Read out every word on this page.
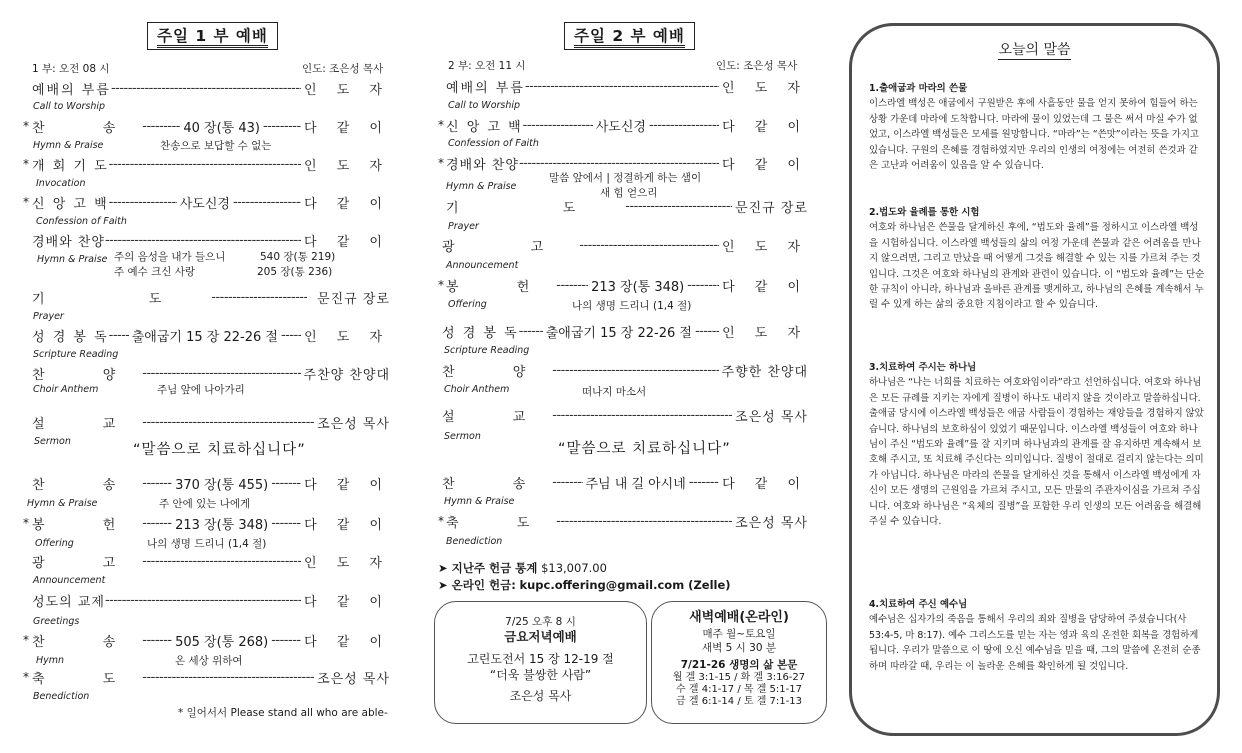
주일 1 부 예배
1 부: 오전 08 시	인도: 조은성 목사
예배의 부름 -----	인 도 자
Call to Worship
* 찬 송 -----	40 장(통 43) -----	다 같 이
Hymn & Praise	찬송으로 보답할 수 없는
* 개 회 기 도 -----	인 도 자
Invocation
* 신 앙 고 백 -----	사도신경 -----	다 같 이
Confession of Faith
경배와 찬양 -----	다 같 이
Hymn & Praise 주의 음성을 내가 들으니	540 장(통 219)
주 예수 크신 사랑	205 장(통 236)
기 도 -----	문진규 장로
Prayer
성 경 봉 독 ----- 출애굽기 15 장 22-26 절 ----- 인 도 자
Scripture Reading
찬 양 -----	주찬양 찬양대
Choir Anthem	주님 앞에 나아가리
설 교 -----	조은성 목사
Sermon
“말씀으로 치료하십니다”
찬 송 -----	370 장(통 455) -----	다 같 이
Hymn & Praise	주 안에 있는 나에게
* 봉 헌 -----	213 장(통 348) -----	다 같 이
Offering	나의 생명 드리니 (1,4 절)
광 고 -----	인 도 자
Announcement
성도의 교제 -----	다 같 이
Greetings
* 찬 송 -----	505 장(통 268) -----	다 같 이
Hymn	온 세상 위하여
* 축 도 -----	조은성 목사
Benediction
* 일어서서 Please stand all who are able-
주일 2 부 예배
2 부: 오전 11 시	인도: 조은성 목사
예배의 부름 -----	인 도 자
Call to Worship
* 신 앙 고 백 -----	사도신경 -----	다 같 이
Confession of Faith
* 경배와 찬양 -----	다 같 이
Hymn & Praise
말씀 앞에서 | 정결하게 하는 샘이
새 힘 얻으리
기 도 -----	문진규 장로
Prayer
광 고 -----	인 도 자
Announcement
* 봉 헌 -----	213 장(통 348) -----	다 같 이
Offering	나의 생명 드리니 (1,4 절)
성 경 봉 독 ----- 출애굽기 15 장 22-26 절 ----- 인 도 자
Scripture Reading
찬 양 -----	주향한 찬양대
Choir Anthem	떠나지 마소서
설 교 -----	조은성 목사
Sermon
“말씀으로 치료하십니다”
찬 송 -----	주님 내 길 아시네 -----	다 같 이
Hymn & Praise
* 축 도 -----	조은성 목사
Benediction
➤ 지난주 헌금 통계 $13,007.00
➤ 온라인 헌금: kupc.offering@gmail.com (Zelle)
7/25 오후 8 시
금요저녁예배
고린도전서 15 장 12-19 절
“더욱 불쌍한 사람”
조은성 목사
새벽예배(온라인)
매주 월~토요일
새벽 5 시 30 분
7/21-26 생명의 삶 본문
월 겔 3:1-15 / 화 겔 3:16-27
수 겔 4:1-17 / 목 겔 5:1-17
금 겔 6:1-14 / 토 겔 7:1-13
오늘의 말씀
1.출애굽과 마라의 쓴물
이스라엘 백성은 애굽에서 구원받은 후에 사흘동안 물을 얻지 못하여 힘들어 하는 상황 가운데 마라에 도착합니다. 마라에 물이 있었는데 그 물은 써서 마실 수가 없었고, 이스라엘 백성들은 모세를 원망합니다. “마라”는 “쓴맛”이라는 뜻을 가지고 있습니다. 구원의 은혜를 경험하였지만 우리의 인생의 여정에는 여전히 쓴것과 같은 고난과 어려움이 있음을 알 수 있습니다.
2.법도와 율례를 통한 시험
여호와 하나님은 쓴물을 달게하신 후에, “법도와 율례”를 정하시고 이스라엘 백성을 시험하십니다. 이스라엘 백성들의 삶의 여정 가운데 쓴물과 같은 어려움을 만나지 않으려면, 그리고 만났을 때 어떻게 그것을 해결할 수 있는 지를 가르쳐 주는 것입니다. 그것은 여호와 하나님의 관계와 관련이 있습니다. 이 “법도와 율례”는 단순한 규칙이 아니라, 하나님과 올바른 관계를 맺게하고, 하나님의 은혜를 계속해서 누릴 수 있게 하는 삶의 중요한 지침이라고 할 수 있습니다.
3.치료하여 주시는 하나님
하나님은 “나는 너희를 치료하는 여호와임이라”라고 선언하십니다. 여호와 하나님은 모든 규례를 지키는 자에게 질병이 하나도 내리지 않을 것이라고 말씀하십니다. 출애굽 당시에 이스라엘 백성들은 애굽 사람들이 경험하는 재앙들을 경험하지 않았습니다. 하나님의 보호하심이 있었기 때문입니다. 이스라엘 백성들이 여호와 하나님이 주신 “법도와 율례”를 잘 지키며 하나님과의 관계를 잘 유지하면 계속해서 보호해 주시고, 또 치료해 주신다는 의미입니다. 질병이 절대로 걸리지 않는다는 의미가 아닙니다. 하나님은 마라의 쓴물을 달게하신 것을 통해서 이스라엘 백성에게 자신이 모든 생명의 근원임을 가르쳐 주시고, 모든 만물의 주관자이심을 가르쳐 주십니다. 여호와 하나님은 “육체의 질병”을 포함한 우리 인생의 모든 어려움을 해결해 주실 수 있습니다.
4.치료하여 주신 예수님
예수님은 십자가의 죽음을 통해서 우리의 죄와 질병을 담당하여 주셨습니다(사 53:4-5, 마 8:17). 예수 그리스도를 믿는 자는 영과 육의 온전한 회복을 경험하게 됩니다. 우리가 말씀으로 이 땅에 오신 예수님을 믿을 때, 그의 말씀에 온전히 순종하며 따라갈 때, 우리는 이 놀라운 은혜를 확인하게 될 것입니다.
